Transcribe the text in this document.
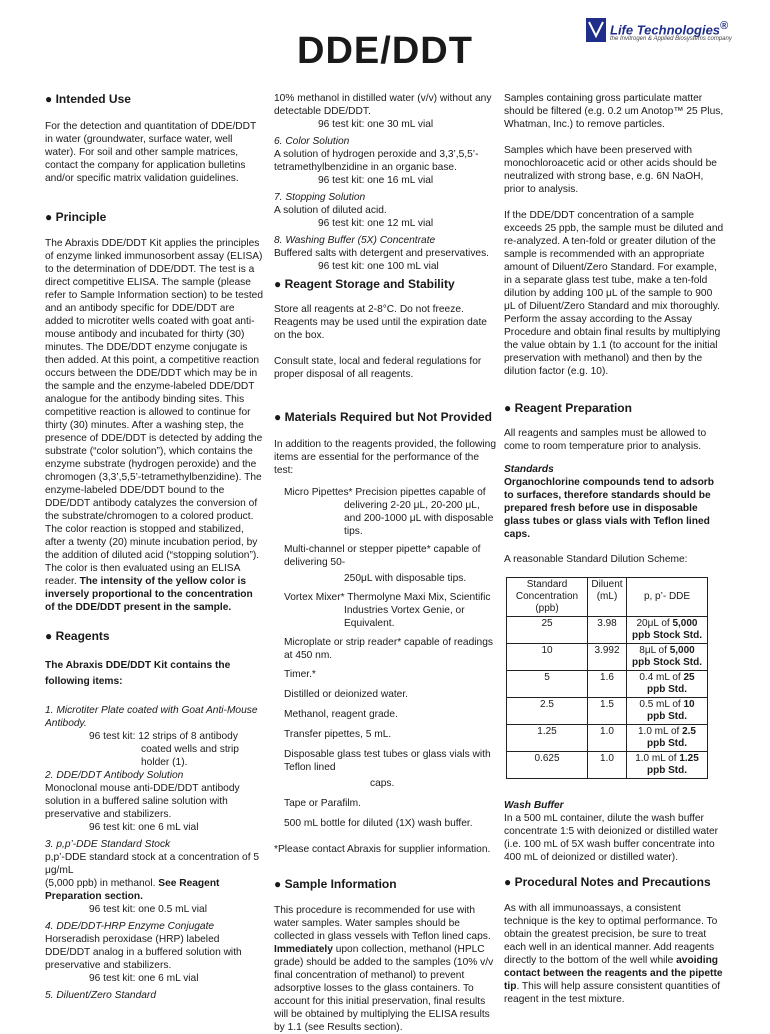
DDE/DDT
Life Technologies®
the Invitrogen & Applied Biosystems company
● Intended Use

For the detection and quantitation of DDE/DDT in water (groundwater, surface water, well water). For soil and other sample matrices, contact the company for application bulletins and/or specific matrix validation guidelines.

● Principle

The Abraxis DDE/DDT Kit applies the principles of enzyme linked immunosorbent assay (ELISA) to the determination of DDE/DDT. The test is a direct competitive ELISA. The sample (please refer to Sample Information section) to be tested and an antibody specific for DDE/DDT are added to microtiter wells coated with goat anti-mouse antibody and incubated for thirty (30) minutes. The DDE/DDT enzyme conjugate is then added. At this point, a competitive reaction occurs between the DDE/DDT which may be in the sample and the enzyme-labeled DDE/DDT analogue for the antibody binding sites. This competitive reaction is allowed to continue for thirty (30) minutes. After a washing step, the presence of DDE/DDT is detected by adding the substrate (“color solution”), which contains the enzyme substrate (hydrogen peroxide) and the chromogen (3,3’,5,5’-tetramethylbenzidine). The enzyme-labeled DDE/DDT bound to the DDE/DDT antibody catalyzes the conversion of the substrate/chromogen to a colored product. The color reaction is stopped and stabilized, after a twenty (20) minute incubation period, by the addition of diluted acid (“stopping solution”). The color is then evaluated using an ELISA reader. The intensity of the yellow color is inversely proportional to the concentration of the DDE/DDT present in the sample.

● Reagents

The Abraxis DDE/DDT Kit contains the following items:

1. Microtiter Plate coated with Goat Anti-Mouse Antibody.

96 test kit: 12 strips of 8 antibody

coated wells and strip holder (1).

2. DDE/DDT Antibody Solution

Monoclonal mouse anti-DDE/DDT antibody solution in a buffered saline solution with preservative and stabilizers.

96 test kit: one 6 mL vial

3. p,p’-DDE Standard Stock

p,p’-DDE standard stock at a concentration of 5 μg/mL

(5,000 ppb) in methanol. See Reagent Preparation section.

96 test kit: one 0.5 mL vial

4. DDE/DDT-HRP Enzyme Conjugate

Horseradish peroxidase (HRP) labeled DDE/DDT analog in a buffered solution with preservative and stabilizers.

96 test kit: one 6 mL vial

5. Diluent/Zero Standard

10% methanol in distilled water (v/v) without any detectable DDE/DDT.

96 test kit: one 30 mL vial

6. Color Solution

A solution of hydrogen peroxide and 3,3’,5,5’-tetramethylbenzidine in an organic base.

96 test kit: one 16 mL vial

7. Stopping Solution

A solution of diluted acid.

96 test kit: one 12 mL vial

8. Washing Buffer (5X) Concentrate

Buffered salts with detergent and preservatives.

96 test kit: one 100 mL vial

● Reagent Storage and Stability

Store all reagents at 2-8°C. Do not freeze. Reagents may be used until the expiration date on the box.

Consult state, local and federal regulations for proper disposal of all reagents.

● Materials Required but Not Provided

In addition to the reagents provided, the following items are essential for the performance of the test:

Micro Pipettes* Precision pipettes capable of delivering 2-20 μL, 20-200 μL, and 200-1000 μL with disposable tips.

Multi-channel or stepper pipette* capable of delivering 50-

250μL with disposable tips.

Vortex Mixer* Thermolyne Maxi Mix, Scientific

Industries Vortex Genie, or Equivalent.

Microplate or strip reader* capable of readings at 450 nm.

Timer.*

Distilled or deionized water.

Methanol, reagent grade.

Transfer pipettes, 5 mL.

Disposable glass test tubes or glass vials with Teflon lined

caps.

Tape or Parafilm.

500 mL bottle for diluted (1X) wash buffer.

*Please contact Abraxis for supplier information.

● Sample Information

This procedure is recommended for use with water samples. Water samples should be collected in glass vessels with Teflon lined caps. Immediately upon collection, methanol (HPLC grade) should be added to the samples (10% v/v final concentration of methanol) to prevent adsorptive losses to the glass containers. To account for this initial preservation, final results will be obtained by multiplying the ELISA results by 1.1 (see Results section).

Samples containing gross particulate matter should be filtered (e.g. 0.2 um Anotop™ 25 Plus, Whatman, Inc.) to remove particles.

Samples which have been preserved with monochloroacetic acid or other acids should be neutralized with strong base, e.g. 6N NaOH, prior to analysis.

If the DDE/DDT concentration of a sample exceeds 25 ppb, the sample must be diluted and re-analyzed. A ten-fold or greater dilution of the sample is recommended with an appropriate amount of Diluent/Zero Standard. For example, in a separate glass test tube, make a ten-fold dilution by adding 100 μL of the sample to 900 μL of Diluent/Zero Standard and mix thoroughly. Perform the assay according to the Assay Procedure and obtain final results by multiplying the value obtain by 1.1 (to account for the initial preservation with methanol) and then by the dilution factor (e.g. 10).

● Reagent Preparation

All reagents and samples must be allowed to come to room temperature prior to analysis.

Standards

Organochlorine compounds tend to adsorb to surfaces, therefore standards should be prepared fresh before use in disposable glass tubes or glass vials with Teflon lined caps.

A reasonable Standard Dilution Scheme:

Standard Concentration (ppb)	Diluent (mL)	p, p’- DDE
25	3.98	20μL of 5,000 ppb Stock Std.
10	3.992	8μL of 5,000 ppb Stock Std.
5	1.6	0.4 mL of 25 ppb Std.
2.5	1.5	0.5 mL of 10 ppb Std.
1.25	1.0	1.0 mL of 2.5 ppb Std.
0.625	1.0	1.0 mL of 1.25 ppb Std.

Wash Buffer

In a 500 mL container, dilute the wash buffer concentrate 1:5 with deionized or distilled water (i.e. 100 mL of 5X wash buffer concentrate into 400 mL of deionized or distilled water).

● Procedural Notes and Precautions

As with all immunoassays, a consistent technique is the key to optimal performance. To obtain the greatest precision, be sure to treat each well in an identical manner. Add reagents directly to the bottom of the well while avoiding contact between the reagents and the pipette tip. This will help assure consistent quantities of reagent in the test mixture.
